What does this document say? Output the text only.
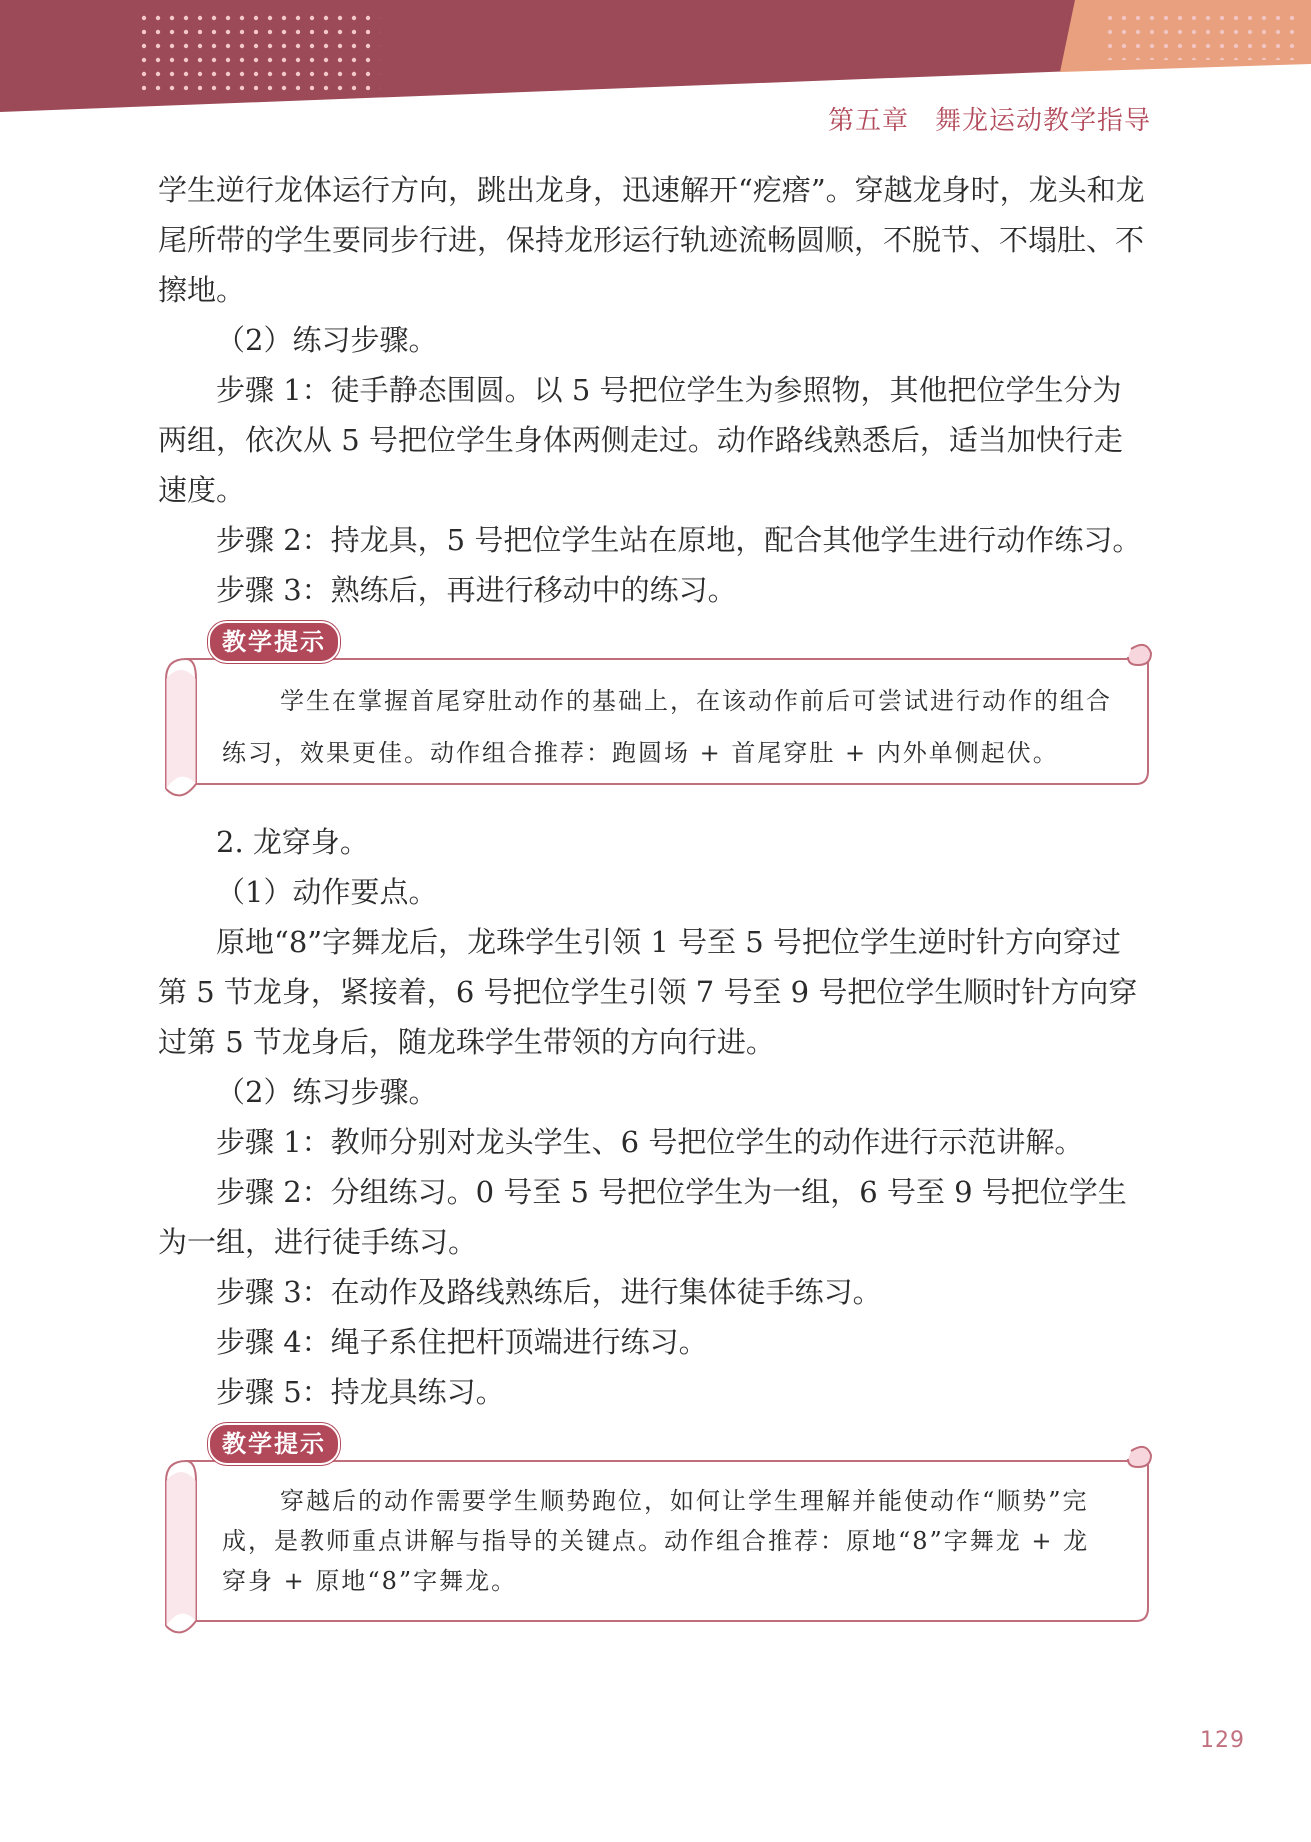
第五章 舞龙运动教学指导

学生逆行龙体运行方向，跳出龙身，迅速解开“疙瘩”。穿越龙身时，龙头和龙尾所带的学生要同步行进，保持龙形运行轨迹流畅圆顺，不脱节、不塌肚、不擦地。

（2）练习步骤。

步骤 1：徒手静态围圆。以 5 号把位学生为参照物，其他把位学生分为两组，依次从 5 号把位学生身体两侧走过。动作路线熟悉后，适当加快行走速度。

步骤 2：持龙具，5 号把位学生站在原地，配合其他学生进行动作练习。

步骤 3：熟练后，再进行移动中的练习。

教学提示

学生在掌握首尾穿肚动作的基础上，在该动作前后可尝试进行动作的组合练习，效果更佳。动作组合推荐：跑圆场 + 首尾穿肚 + 内外单侧起伏。

2. 龙穿身。

（1）动作要点。

原地“8”字舞龙后，龙珠学生引领 1 号至 5 号把位学生逆时针方向穿过第 5 节龙身，紧接着，6 号把位学生引领 7 号至 9 号把位学生顺时针方向穿过第 5 节龙身后，随龙珠学生带领的方向行进。

（2）练习步骤。

步骤 1：教师分别对龙头学生、6 号把位学生的动作进行示范讲解。

步骤 2：分组练习。0 号至 5 号把位学生为一组，6 号至 9 号把位学生为一组，进行徒手练习。

步骤 3：在动作及路线熟练后，进行集体徒手练习。

步骤 4：绳子系住把杆顶端进行练习。

步骤 5：持龙具练习。

教学提示

穿越后的动作需要学生顺势跑位，如何让学生理解并能使动作“顺势”完成，是教师重点讲解与指导的关键点。动作组合推荐：原地“8”字舞龙 + 龙穿身 + 原地“8”字舞龙。

129
